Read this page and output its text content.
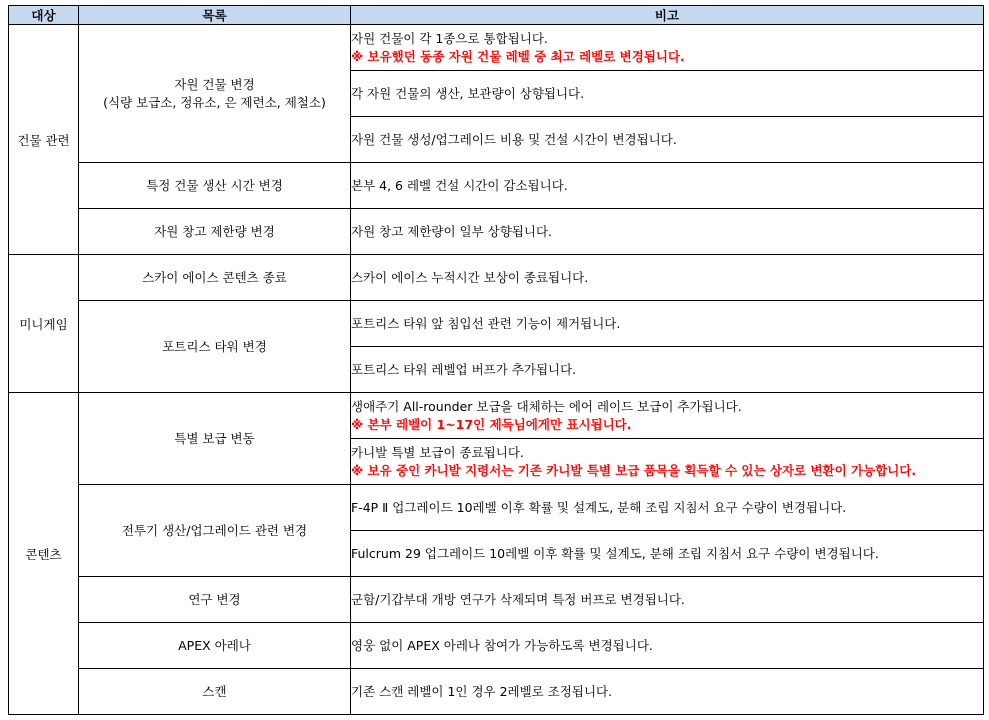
대상	목록	비고
건물 관련	자원 건물 변경
(식량 보급소, 정유소, 은 제련소, 제철소)	자원 건물이 각 1종으로 통합됩니다.
※ 보유했던 동종 자원 건물 레벨 중 최고 레벨로 변경됩니다.

		각 자원 건물의 생산, 보관량이 상향됩니다.
		자원 건물 생성/업그레이드 비용 및 건설 시간이 변경됩니다.
	특정 건물 생산 시간 변경	본부 4, 6 레벨 건설 시간이 감소됩니다.
	자원 창고 제한량 변경	자원 창고 제한량이 일부 상향됩니다.
미니게임	스카이 에이스 콘텐츠 종료	스카이 에이스 누적시간 보상이 종료됩니다.
	포트리스 타워 변경	포트리스 타워 앞 침입선 관련 기능이 제거됩니다.
		포트리스 타워 레벨업 버프가 추가됩니다.
콘텐츠	특별 보급 변동	생애주기 All-rounder 보급을 대체하는 에어 레이드 보급이 추가됩니다.
※ 본부 레벨이 1~17인 제독님에게만 표시됩니다.

		카니발 특별 보급이 종료됩니다.
※ 보유 중인 카니발 지령서는 기존 카니발 특별 보급 품목을 획득할 수 있는 상자로 변환이 가능합니다.

	전투기 생산/업그레이드 관련 변경	F-4P Ⅱ 업그레이드 10레벨 이후 확률 및 설계도, 분해 조립 지침서 요구 수량이 변경됩니다.
		Fulcrum 29 업그레이드 10레벨 이후 확률 및 설계도, 분해 조립 지침서 요구 수량이 변경됩니다.
	연구 변경	군함/기갑부대 개방 연구가 삭제되며 특정 버프로 변경됩니다.
	APEX 아레나	영웅 없이 APEX 아레나 참여가 가능하도록 변경됩니다.
	스캔	기존 스캔 레벨이 1인 경우 2레벨로 조정됩니다.
